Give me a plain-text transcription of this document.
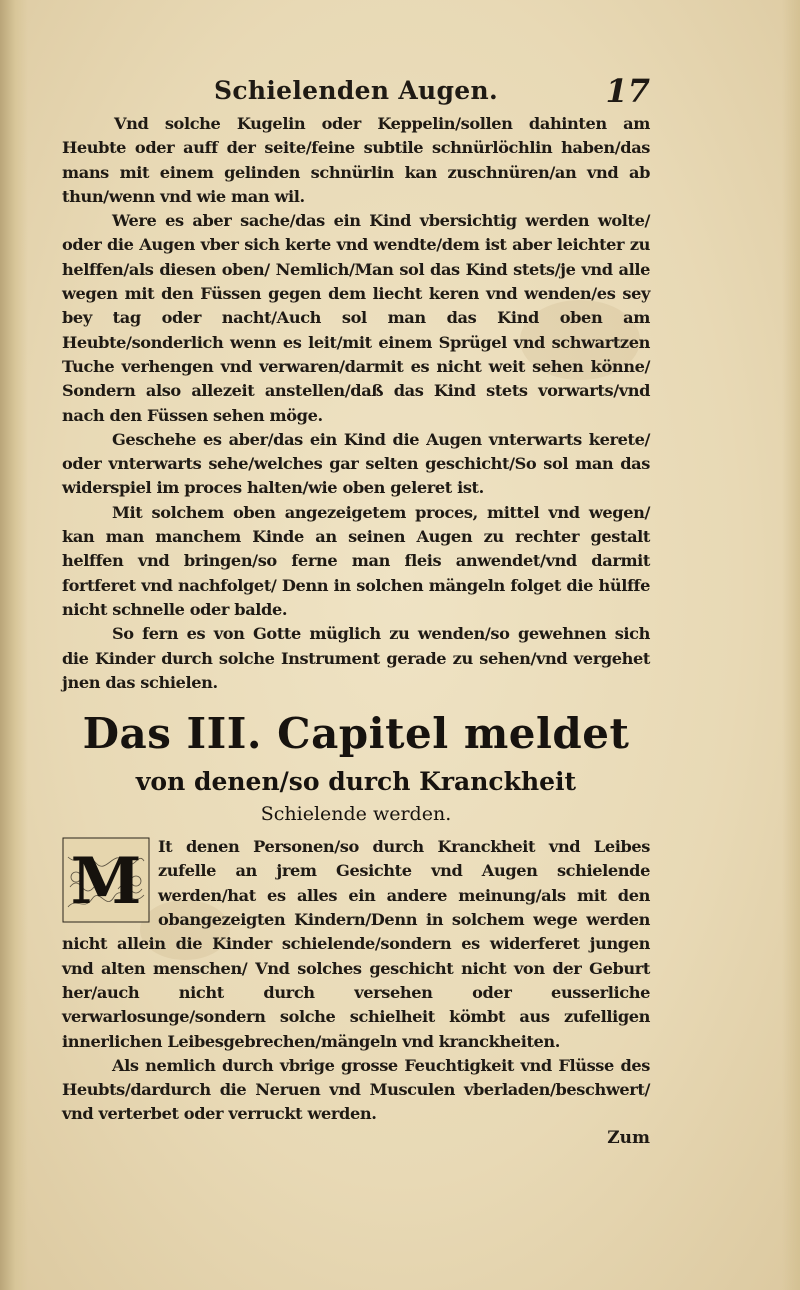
Schielenden Augen.	17

Vnd solche Kugelin oder Keppelin/sollen dahinten am Heubte oder auff der seite/feine subtile schnürlöchlin haben/das mans mit einem gelinden schnürlin kan zuschnüren/an vnd ab thun/wenn vnd wie man wil.

Were es aber sache/das ein Kind vbersichtig werden wolte/ oder die Augen vber sich kerte vnd wendte/dem ist aber leichter zu helffen/als diesen oben/ Nemlich/Man sol das Kind stets/je vnd alle wegen mit den Füssen gegen dem liecht keren vnd wenden/es sey bey tag oder nacht/Auch sol man das Kind oben am Heubte/sonderlich wenn es leit/mit einem Sprügel vnd schwartzen Tuche verhengen vnd verwaren/darmit es nicht weit sehen könne/ Sondern also allezeit anstellen/daß das Kind stets vorwarts/vnd nach den Füssen sehen möge.

Geschehe es aber/das ein Kind die Augen vnterwarts kerete/ oder vnterwarts sehe/welches gar selten geschicht/So sol man das widerspiel im proces halten/wie oben geleret ist.

Mit solchem oben angezeigetem proces, mittel vnd wegen/ kan man manchem Kinde an seinen Augen zu rechter gestalt helffen vnd bringen/so ferne man fleis anwendet/vnd darmit fortferet vnd nachfolget/ Denn in solchen mängeln folget die hülffe nicht schnelle oder balde.

So fern es von Gotte müglich zu wenden/so gewehnen sich die Kinder durch solche Instrument gerade zu sehen/vnd vergehet jnen das schielen.

Das III. Capitel meldet
von denen/so durch Kranckheit
Schielende werden.
M	It denen Personen/so durch Kranckheit vnd Leibes zufelle an jrem Gesichte vnd Augen schielende werden/hat es alles ein andere meinung/als mit den obangezeigten Kindern/Denn in solchem wege werden nicht allein die Kinder schielende/sondern es widerferet jungen vnd alten menschen/ Vnd solches geschicht nicht von der Geburt her/auch nicht durch versehen oder eusserliche verwarlosunge/sondern solche schielheit kömbt aus zufelligen innerlichen Leibesgebrechen/mängeln vnd kranckheiten.

Als nemlich durch vbrige grosse Feuchtigkeit vnd Flüsse des Heubts/dardurch die Neruen vnd Musculen vberladen/beschwert/ vnd verterbet oder verruckt werden.

Zum
